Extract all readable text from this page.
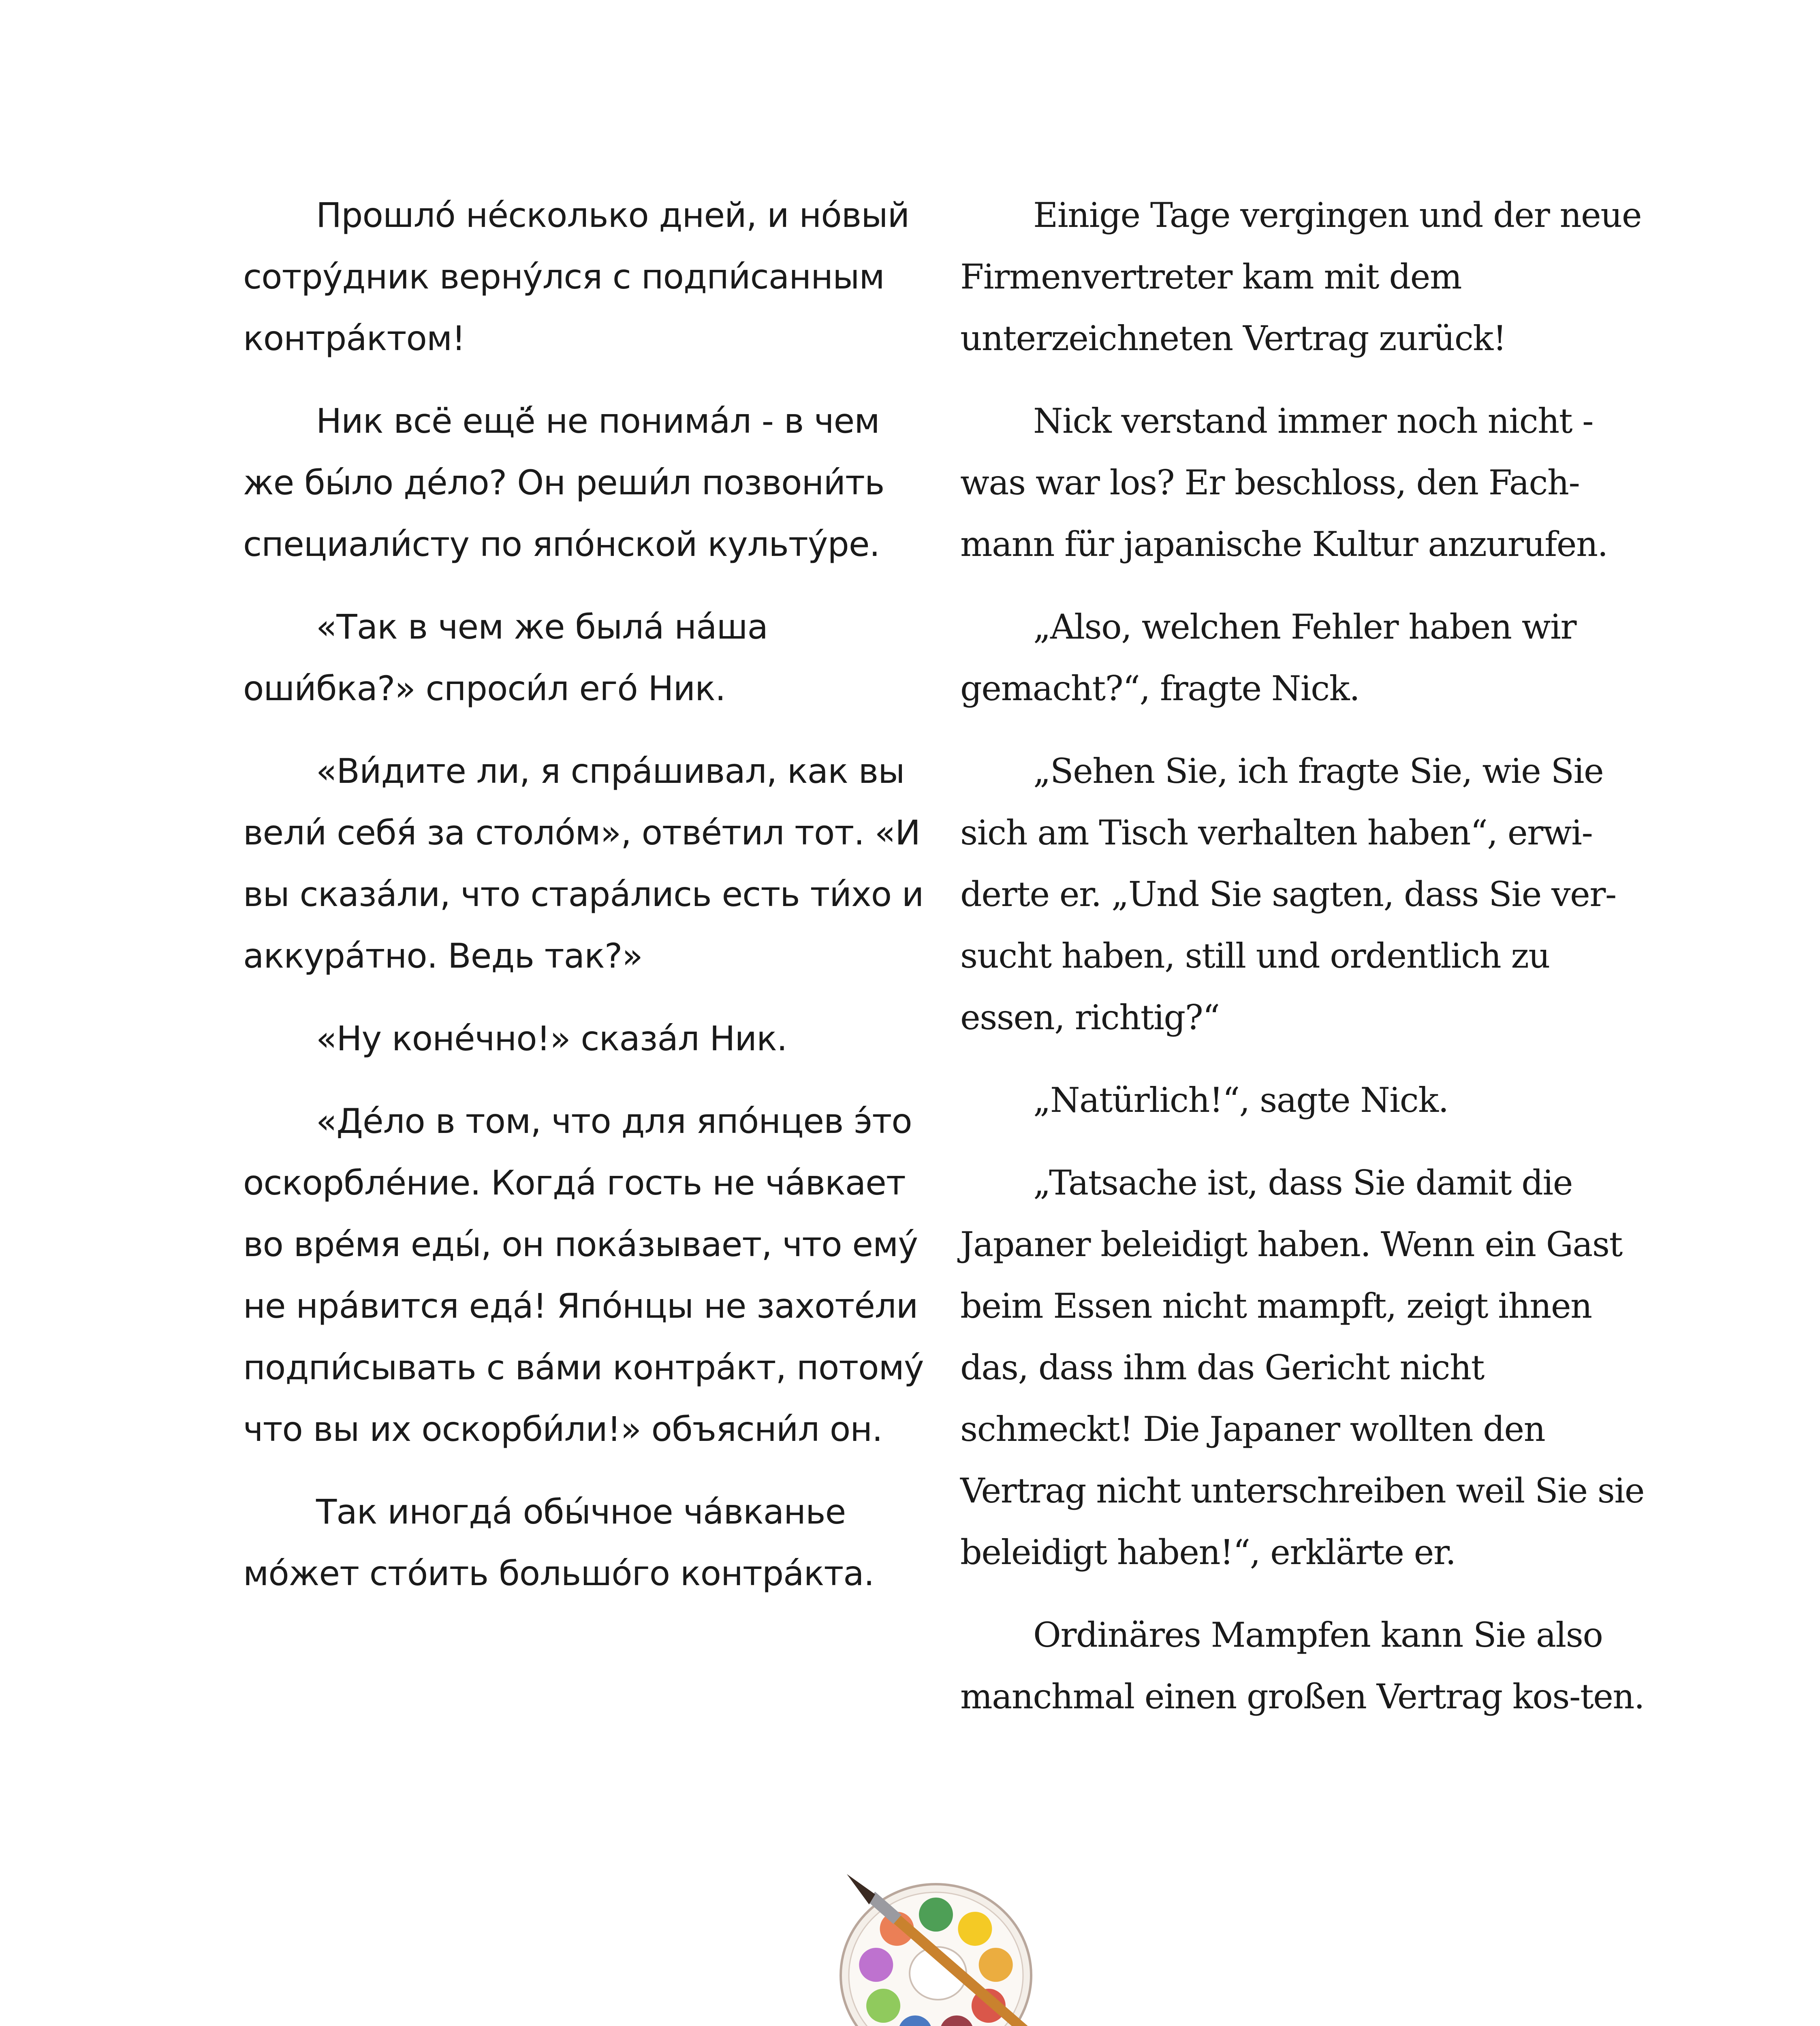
Прошло́ не́сколько дней, и но́вый сотру́дник верну́лся с подпи́санным контра́ктом!

Ник всё ещё́ не понима́л - в чем же бы́ло де́ло? Он реши́л позвони́ть специали́сту по япо́нской культу́ре.

«Так в чем же была́ на́ша оши́бка?» спроси́л его́ Ник.

«Ви́дите ли, я спра́шивал, как вы вели́ себя́ за столо́м», отве́тил тот. «И вы сказа́ли, что стара́лись есть ти́хо и аккура́тно. Ведь так?»

«Ну коне́чно!» сказа́л Ник.

«Де́ло в том, что для япо́нцев э́то оскорбле́ние. Когда́ гость не ча́вкает во вре́мя еды́, он пока́зывает, что ему́ не нра́вится еда́! Япо́нцы не захоте́ли подпи́сывать с ва́ми контра́кт, потому́ что вы их оскорби́ли!» объясни́л он.

Так иногда́ обы́чное ча́вканье мо́жет сто́ить большо́го контра́кта.

Einige Tage vergingen und der neue Firmenvertreter kam mit dem unterzeichneten Vertrag zurück!

Nick verstand immer noch nicht - was war los? Er beschloss, den Fach-mann für japanische Kultur anzurufen.

„Also, welchen Fehler haben wir gemacht?“, fragte Nick.

„Sehen Sie, ich fragte Sie, wie Sie sich am Tisch verhalten haben“, erwi-derte er. „Und Sie sagten, dass Sie ver-sucht haben, still und ordentlich zu essen, richtig?“

„Natürlich!“, sagte Nick.

„Tatsache ist, dass Sie damit die Japaner beleidigt haben. Wenn ein Gast beim Essen nicht mampft, zeigt ihnen das, dass ihm das Gericht nicht schmeckt! Die Japaner wollten den Vertrag nicht unterschreiben weil Sie sie beleidigt haben!“, erklärte er.

Ordinäres Mampfen kann Sie also manchmal einen großen Vertrag kos-ten.
